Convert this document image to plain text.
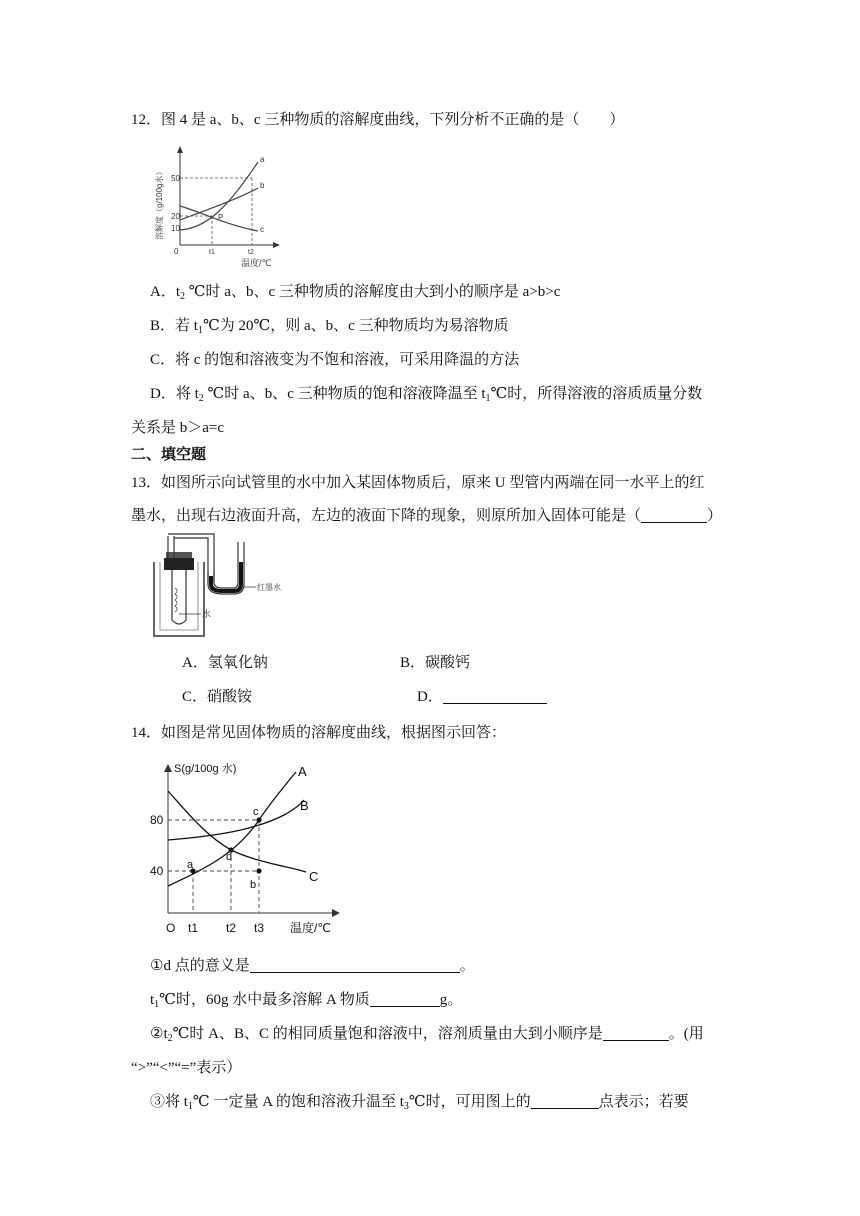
12．图 4 是 a、b、c 三种物质的溶解度曲线，下列分析不正确的是（　　）
a
b
c
P
50
20
10
0	t1	t2
温度/℃
溶解度（g/100g水）
A．$t_2$ ℃时 a、b、c 三种物质的溶解度由大到小的顺序是 a>b>c
B．若 $t_1℃$为 20℃，则 a、b、c 三种物质均为易溶物质
C．将 c 的饱和溶液变为不饱和溶液，可采用降温的方法
D．将 $t_2$ ℃时 a、b、c 三种物质的饱和溶液降温至 $t_1℃$时，所得溶液的溶质质量分数
关系是 b＞a=c
二、填空题
13．如图所示向试管里的水中加入某固体物质后，原来 U 型管内两端在同一水平上的红
墨水，出现右边液面升高，左边的液面下降的现象，则原所加入固体可能是（	）
红墨水
水
A．氢氧化钠	B．碳酸钙
C．硝酸铵	D．
14．如图是常见固体物质的溶解度曲线，根据图示回答：
S(g/100g 水)	A
B
C
a
b
c
d
80
40
O t1 t2 t3 温度/℃
①d 点的意义是	。
$t_1℃$时，60g 水中最多溶解 A 物质	g。
$②t_2℃$时 A、B、C 的相同质量饱和溶液中，溶剂质量由大到小顺序是	。(用
“>”“<”“=”表示）
③将 $t_1℃$ 一定量 A 的饱和溶液升温至 $t_3℃$时，可用图上的	点表示；若要
